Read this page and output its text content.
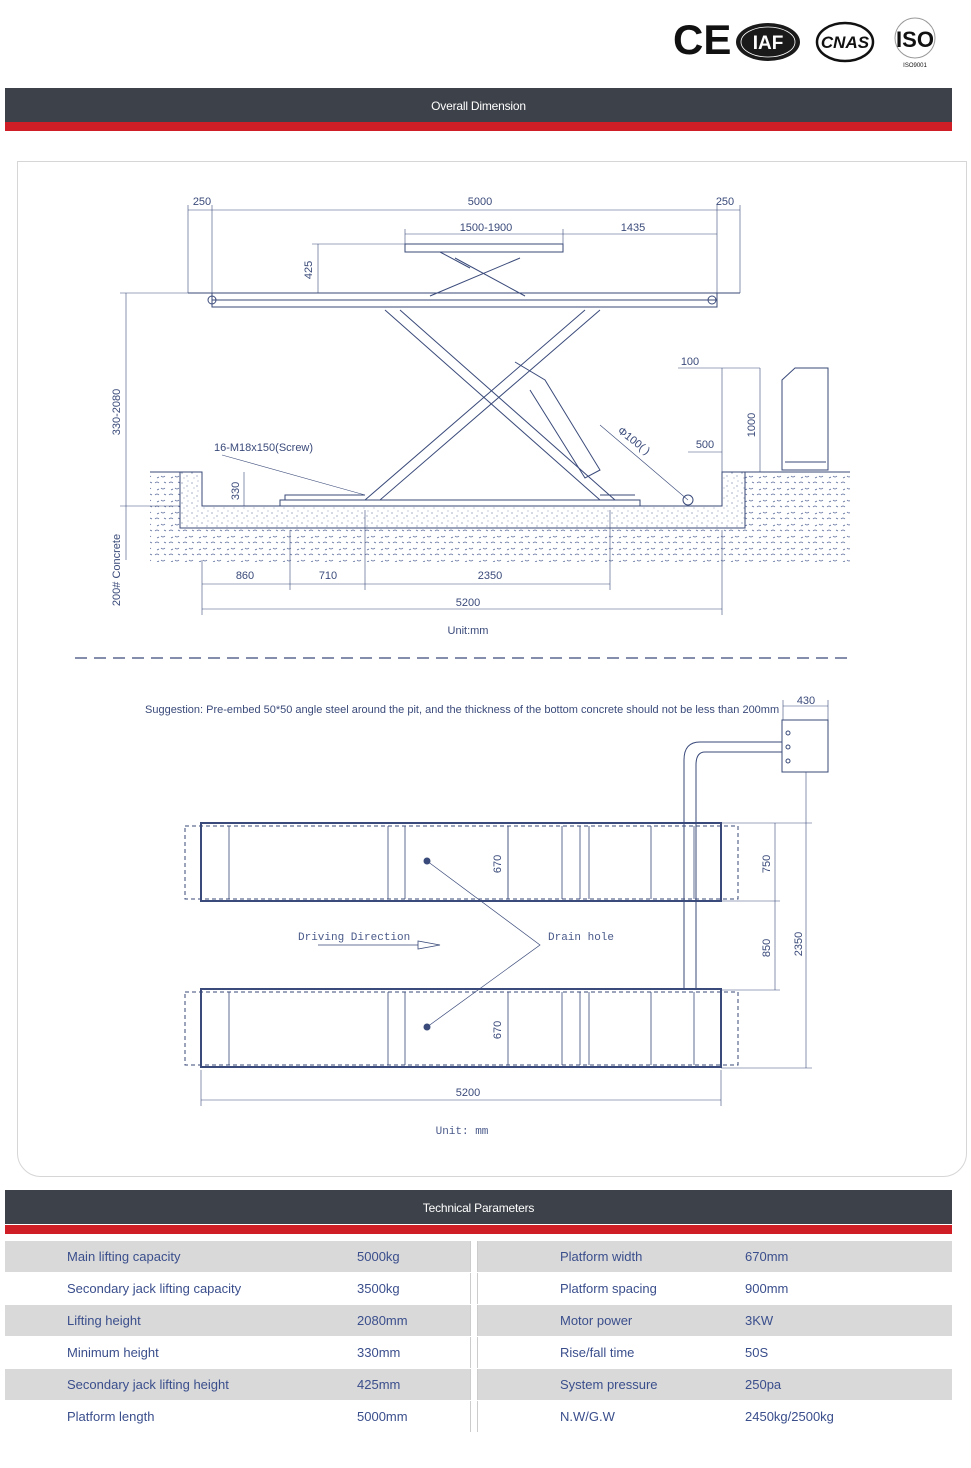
CE IAF CNAS ISO
ISO9001
Overall Dimension
250	5000	250
1500-1900	1435
425
330-2080
16-M18x150(Screw)
330
200# Concrete
100
Φ100( )	500
1000
860	710	2350
5200
Unit:mm
Suggestion: Pre-embed 50*50 angle steel around the pit, and the thickness of the bottom concrete should not be less than 200mm
430
670
670
750
850 2350
5200
Driving Direction	Drain hole
Unit: mm
Technical Parameters
Main lifting capacity	5000kg
Secondary jack lifting capacity	3500kg
Lifting height	2080mm
Minimum height	330mm
Secondary jack lifting height	425mm
Platform length	5000mm
Platform width	670mm
Platform spacing	900mm
Motor power	3KW
Rise/fall time	50S
System pressure	250pa
N.W/G.W	2450kg/2500kg
